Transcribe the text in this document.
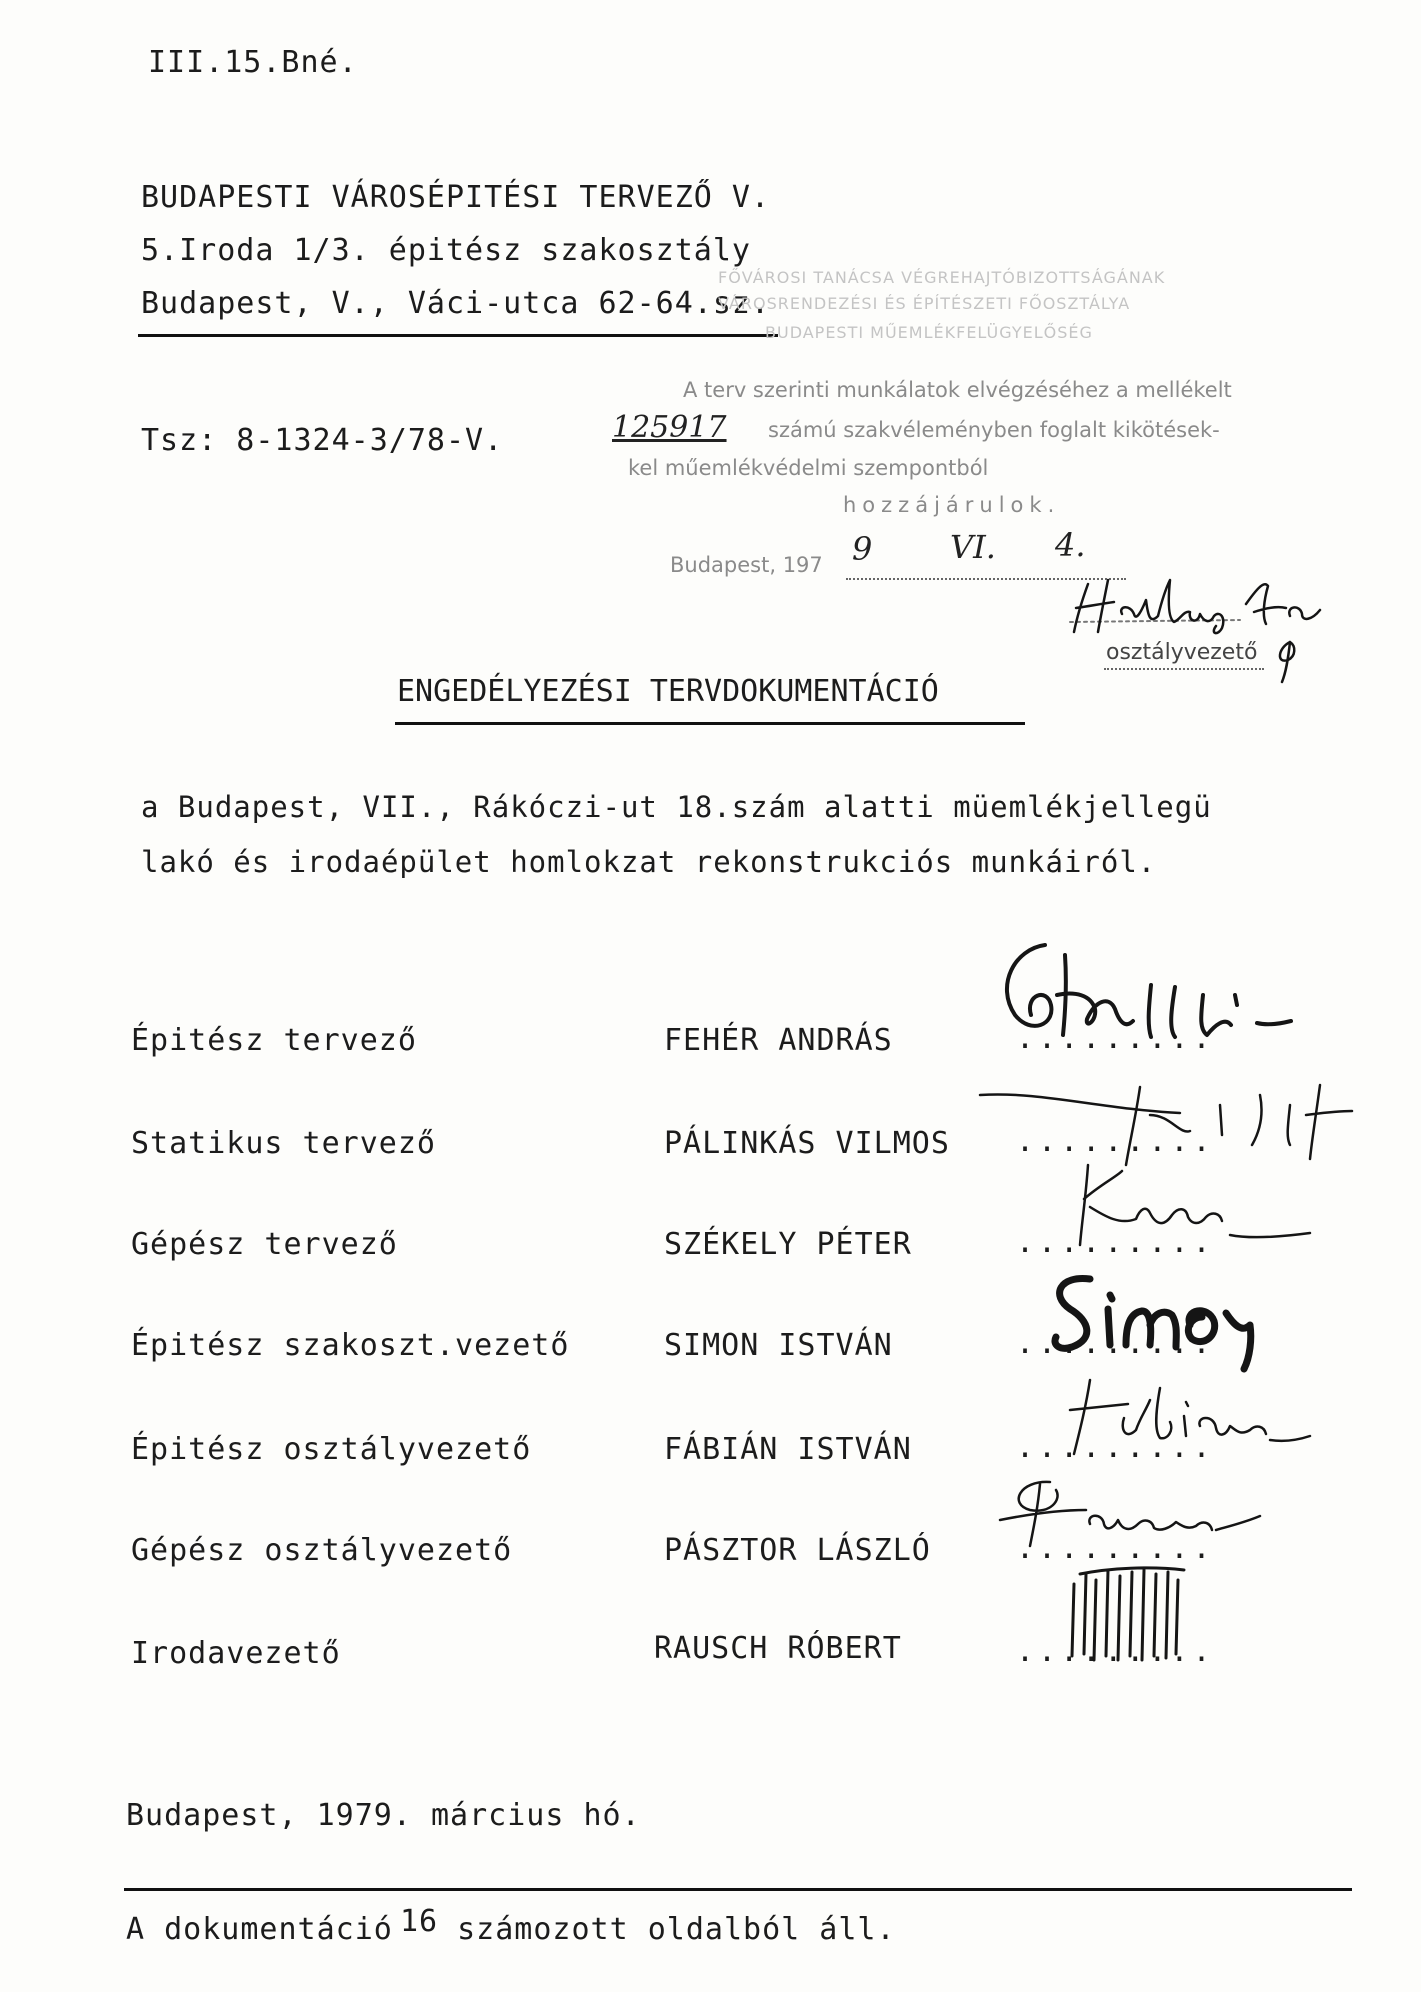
III.15.Bné.
BUDAPESTI VÁROSÉPITÉSI TERVEZŐ V.
5.Iroda 1/3. épitész szakosztály
Budapest, V., Váci-utca 62-64.sz.
Tsz: 8-1324-3/78-V.
FŐVÁROSI TANÁCSA VÉGREHAJTÓBIZOTTSÁGÁNAK
VÁROSRENDEZÉSI ÉS ÉPÍTÉSZETI FŐOSZTÁLYA
BUDAPESTI MŰEMLÉKFELÜGYELŐSÉG
A terv szerinti munkálatok elvégzéséhez a mellékelt
125917 számú szakvéleményben foglalt kikötések-
kel műemlékvédelmi szempontból
hozzájárulok.
Budapest, 197 9 VI. 4.
osztályvezető
ENGEDÉLYEZÉSI TERVDOKUMENTÁCIÓ
a Budapest, VII., Rákóczi-ut 18.szám alatti müemlékjellegü
lakó és irodaépület homlokzat rekonstrukciós munkáiról.
Épitész tervező	FEHÉR ANDRÁS	.........
Statikus tervező	PÁLINKÁS VILMOS .........
Gépész tervező	SZÉKELY PÉTER	.........
Épitész szakoszt.vezető	SIMON ISTVÁN	.........
Épitész osztályvezető	FÁBIÁN ISTVÁN	.........
Gépész osztályvezető	PÁSZTOR LÁSZLÓ	.........
Irodavezető	RAUSCH RÓBERT	.........
Budapest, 1979. március hó.
A dokumentáció 16 számozott oldalból áll.
